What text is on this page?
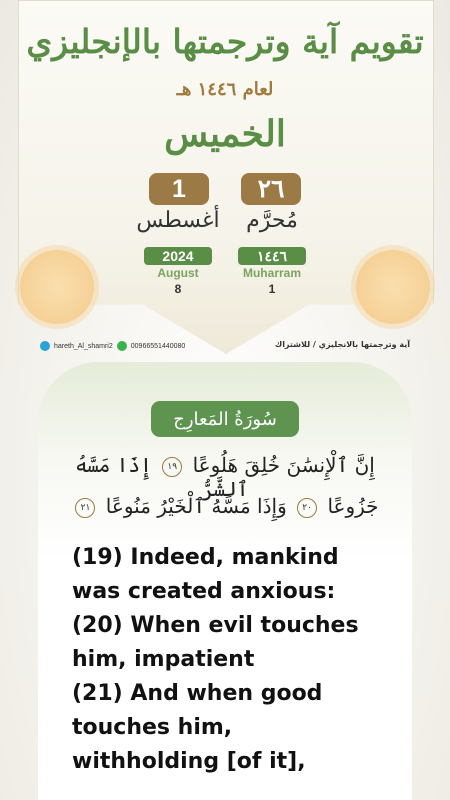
تقويم آية وترجمتها بالإنجليزي
لعام ١٤٤٦ هـ
الخميس
٢٦
1
مُحرَّم
أغسطس
١٤٤٦
2024
Muharram
August
1
8
hareth_Al_shamri2	00966551440080	آية وترجمتها بالانجليزي / للاشتراك
سُورَةُ المَعارِج
إِنَّ ٱلْإِنسَٰنَ خُلِقَ هَلُوعًا ١٩ إِذَا مَسَّهُ ٱلشَّرُّ
جَزُوعًا ٢٠ وَإِذَا مَسَّهُ ٱلْخَيْرُ مَنُوعًا ٢١
(19) Indeed, mankind
was created anxious:
(20) When evil touches
him, impatient
(21) And when good
touches him,
withholding [of it],
